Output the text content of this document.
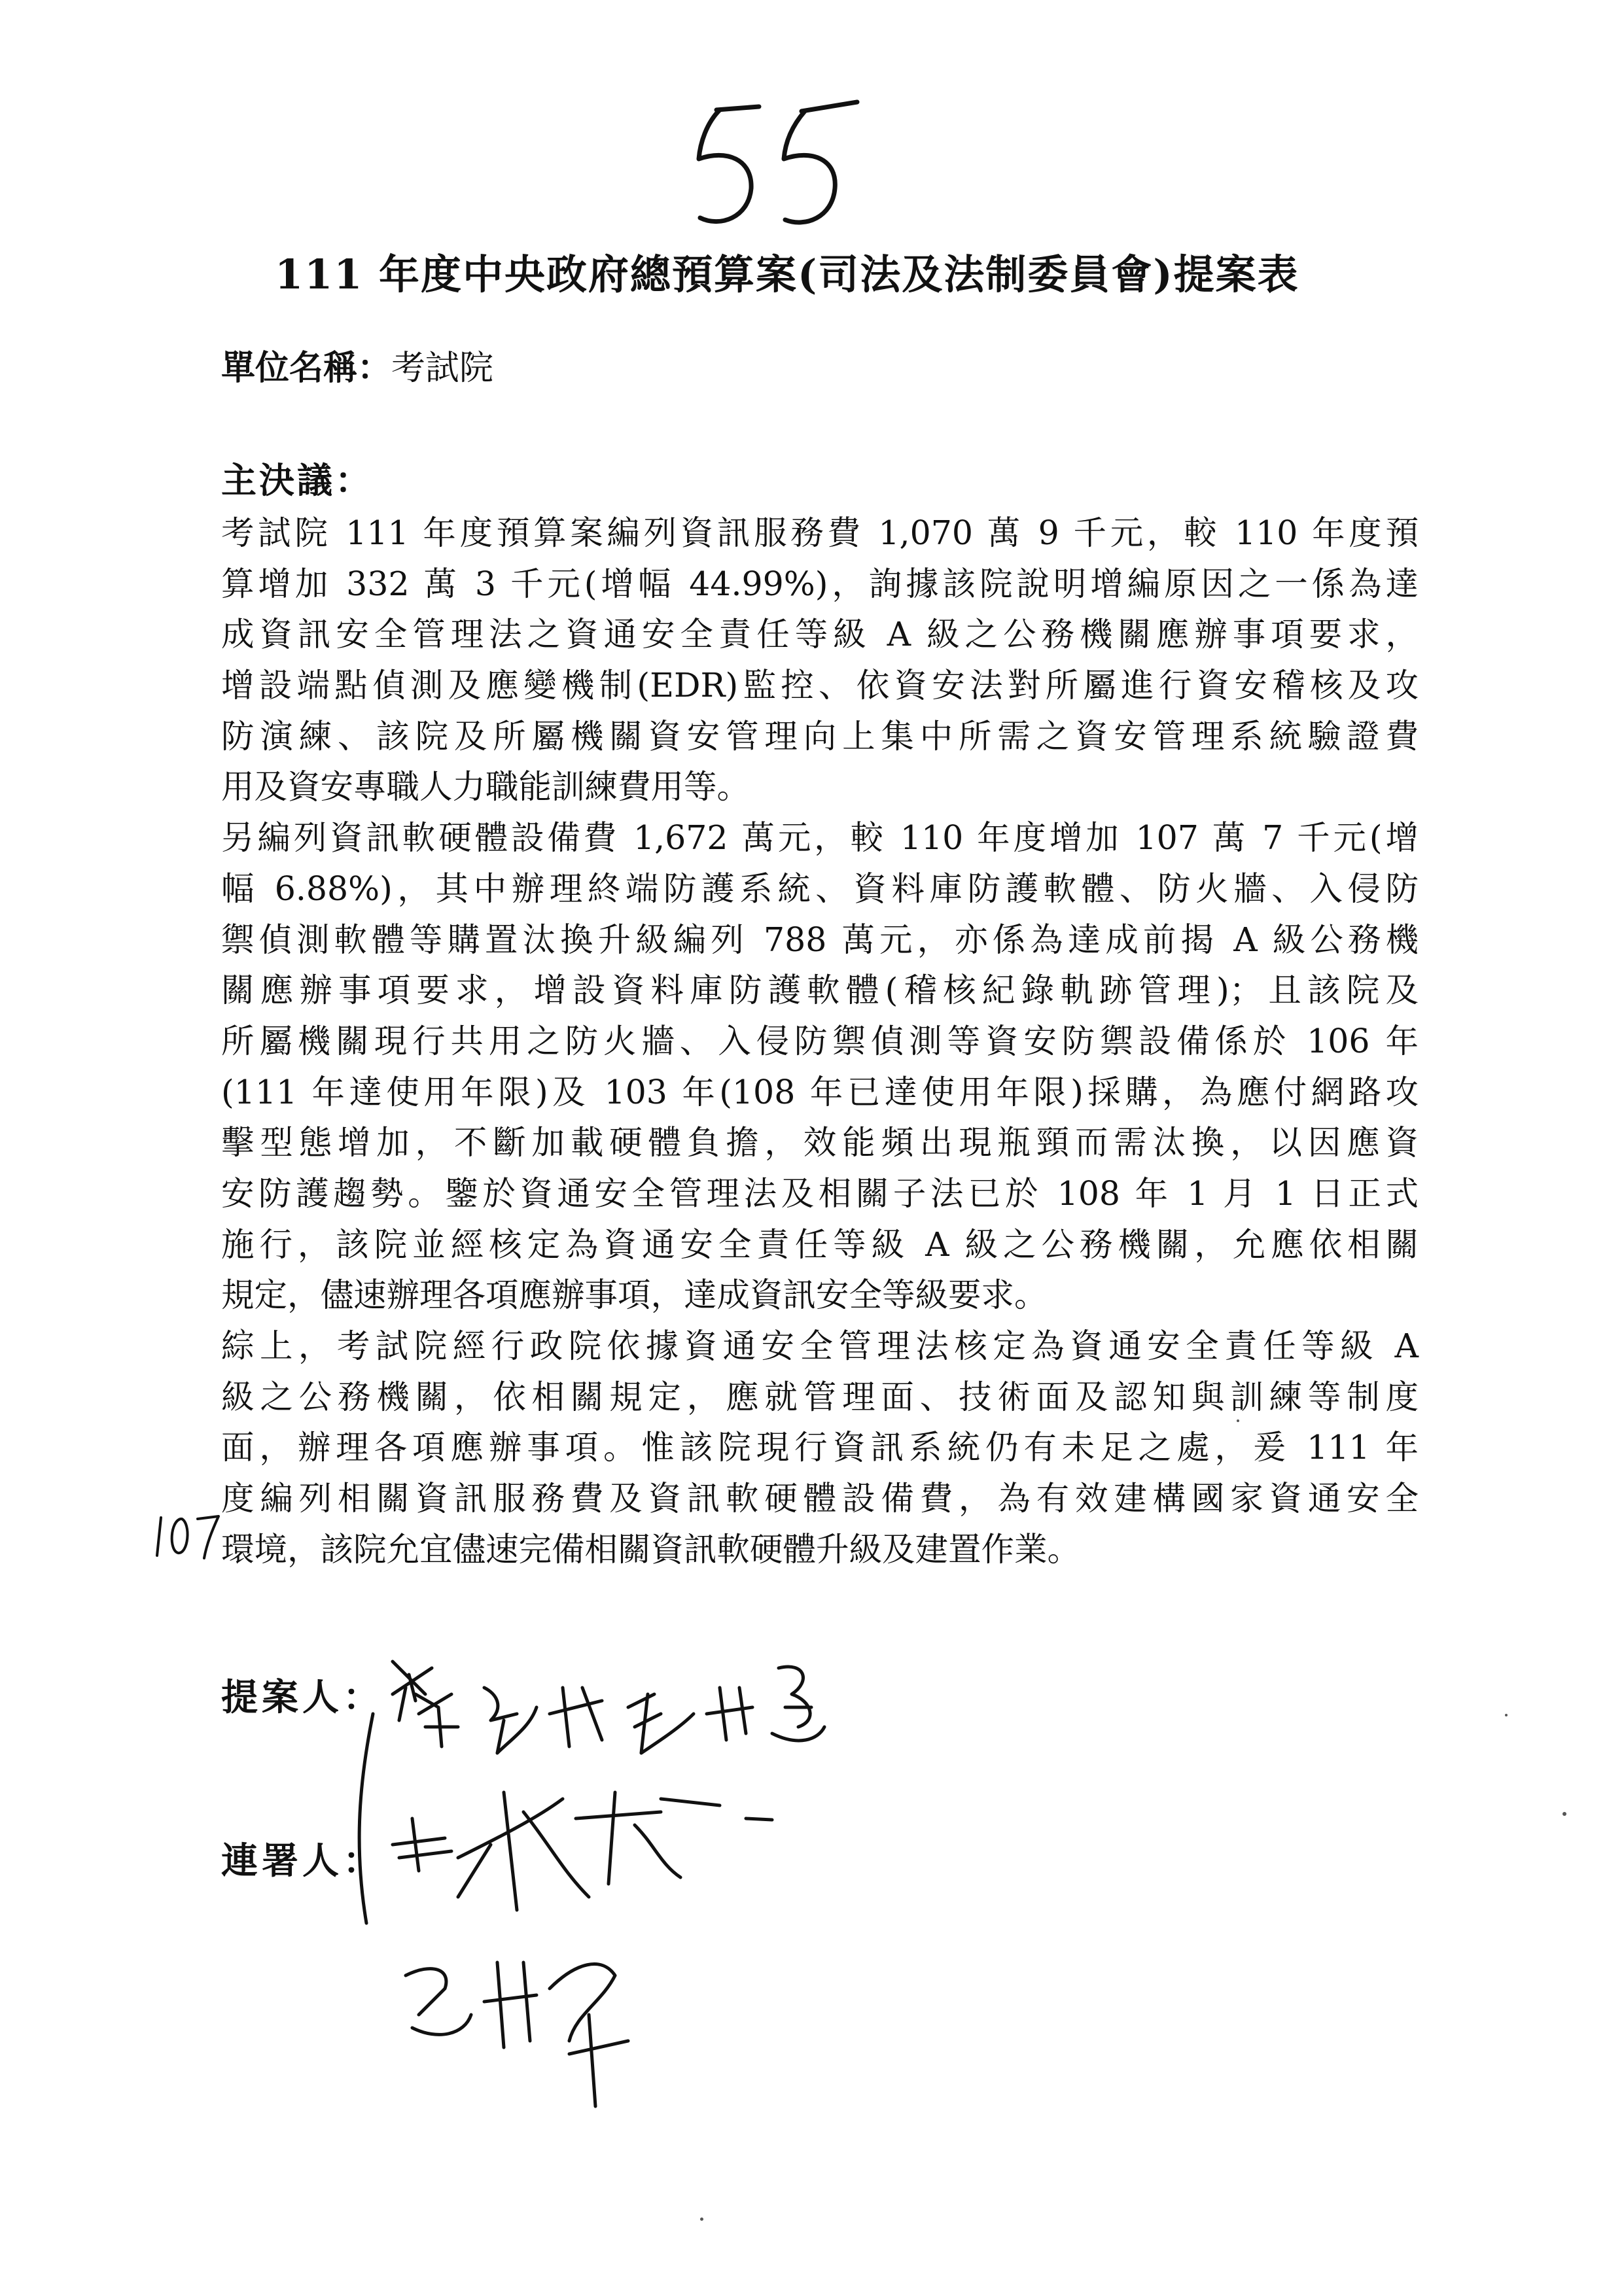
111 年度中央政府總預算案(司法及法制委員會)提案表
單位名稱：考試院
主決議：
考試院 111 年度預算案編列資訊服務費 1,070 萬 9 千元，較 110 年度預
算增加 332 萬 3 千元(增幅 44.99%)，詢據該院說明增編原因之一係為達
成資訊安全管理法之資通安全責任等級 A 級之公務機關應辦事項要求，
增設端點偵測及應變機制(EDR)監控、依資安法對所屬進行資安稽核及攻
防演練、該院及所屬機關資安管理向上集中所需之資安管理系統驗證費
用及資安專職人力職能訓練費用等。
另編列資訊軟硬體設備費 1,672 萬元，較 110 年度增加 107 萬 7 千元(增
幅 6.88%)，其中辦理終端防護系統、資料庫防護軟體、防火牆、入侵防
禦偵測軟體等購置汰換升級編列 788 萬元，亦係為達成前揭 A 級公務機
關應辦事項要求，增設資料庫防護軟體(稽核紀錄軌跡管理)；且該院及
所屬機關現行共用之防火牆、入侵防禦偵測等資安防禦設備係於 106 年
(111 年達使用年限)及 103 年(108 年已達使用年限)採購，為應付網路攻
擊型態增加，不斷加載硬體負擔，效能頻出現瓶頸而需汰換，以因應資
安防護趨勢。鑒於資通安全管理法及相關子法已於 108 年 1 月 1 日正式
施行，該院並經核定為資通安全責任等級 A 級之公務機關，允應依相關
規定，儘速辦理各項應辦事項，達成資訊安全等級要求。
綜上，考試院經行政院依據資通安全管理法核定為資通安全責任等級 A
級之公務機關，依相關規定，應就管理面、技術面及認知與訓練等制度
面，辦理各項應辦事項。惟該院現行資訊系統仍有未足之處，爰 111 年
度編列相關資訊服務費及資訊軟硬體設備費，為有效建構國家資通安全
環境，該院允宜儘速完備相關資訊軟硬體升級及建置作業。
提案人：
連署人：
